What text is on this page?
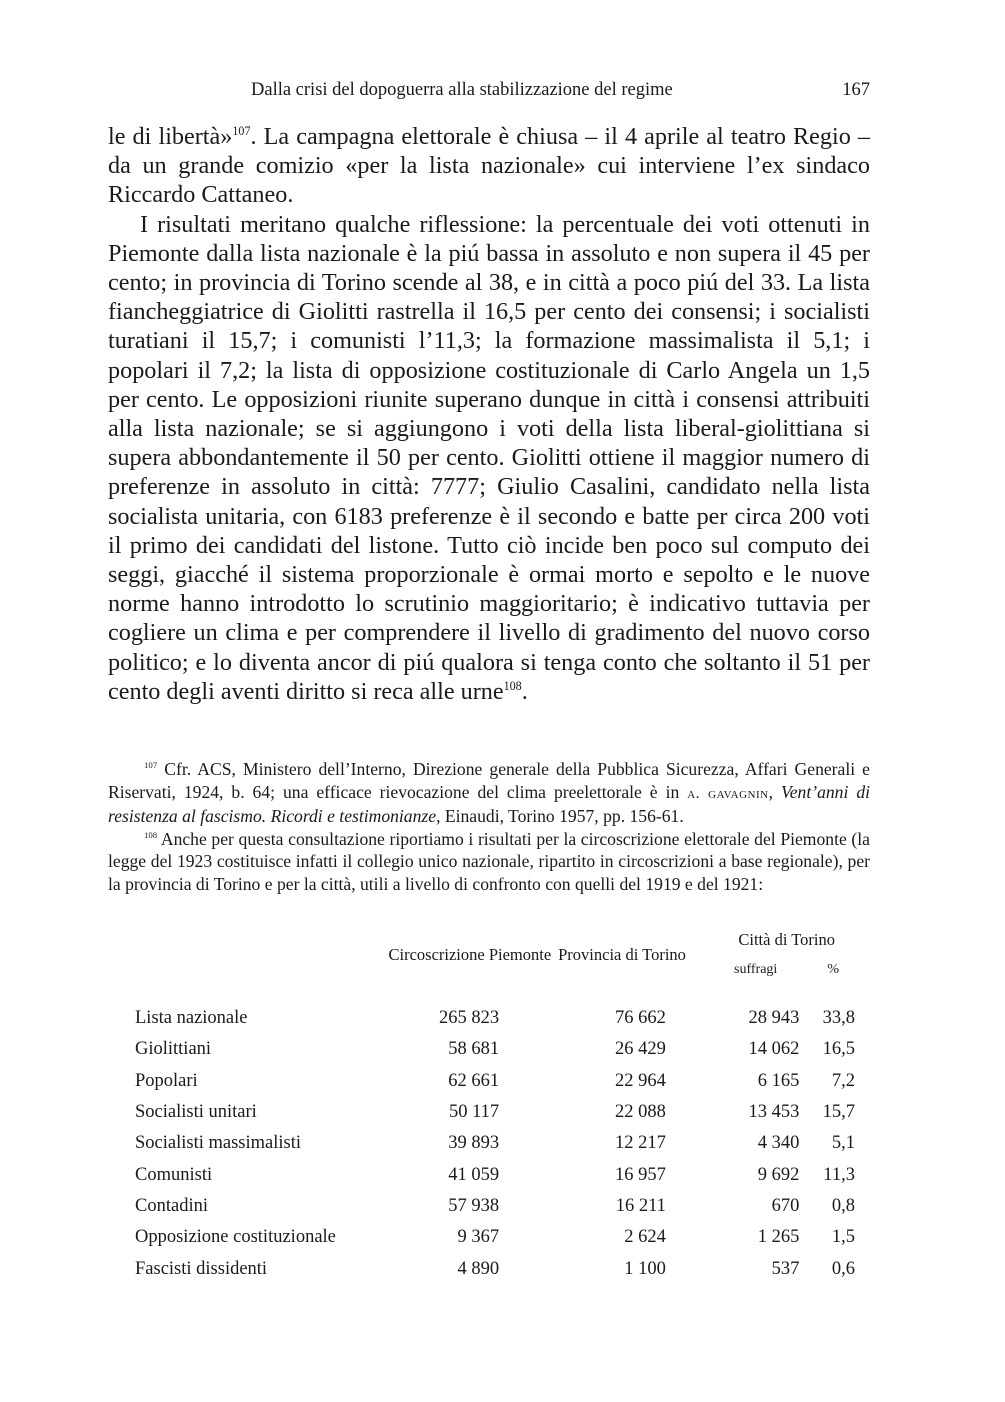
Dalla crisi del dopoguerra alla stabilizzazione del regime	167

le di libertà»$^{107}$. La campagna elettorale è chiusa – il 4 aprile al teatro Regio – da un grande comizio «per la lista nazionale» cui interviene l’ex sindaco Riccardo Cattaneo.

I risultati meritano qualche riflessione: la percentuale dei voti ottenuti in Piemonte dalla lista nazionale è la piú bassa in assoluto e non supera il 45 per cento; in provincia di Torino scende al 38, e in città a poco piú del 33. La lista fiancheggiatrice di Giolitti rastrella il 16,5 per cento dei consensi; i socialisti turatiani il 15,7; i comunisti l’11,3; la formazione massimalista il 5,1; i popolari il 7,2; la lista di opposizione costituzionale di Carlo Angela un 1,5 per cento. Le opposizioni riunite superano dunque in città i consensi attribuiti alla lista nazionale; se si aggiungono i voti della lista liberal-giolittiana si supera abbondantemente il 50 per cento. Giolitti ottiene il maggior numero di preferenze in assoluto in città: 7777; Giulio Casalini, candidato nella lista socialista unitaria, con 6183 preferenze è il secondo e batte per circa 200 voti il primo dei candidati del listone. Tutto ciò incide ben poco sul computo dei seggi, giacché il sistema proporzionale è ormai morto e sepolto e le nuove norme hanno introdotto lo scrutinio maggioritario; è indicativo tuttavia per cogliere un clima e per comprendere il livello di gradimento del nuovo corso politico; e lo diventa ancor di piú qualora si tenga conto che soltanto il 51 per cento degli aventi diritto si reca alle urne$^{108}$.

$^{107}$ Cfr. ACS, Ministero dell’Interno, Direzione generale della Pubblica Sicurezza, Affari Generali e Riservati, 1924, b. 64; una efficace rievocazione del clima preelettorale è in a. gavagnin, Vent’anni di resistenza al fascismo. Ricordi e testimonianze, Einaudi, Torino 1957, pp. 156-61.

$^{108}$ Anche per questa consultazione riportiamo i risultati per la circoscrizione elettorale del Piemonte (la legge del 1923 costituisce infatti il collegio unico nazionale, ripartito in circoscrizioni a base regionale), per la provincia di Torino e per la città, utili a livello di confronto con quelli del 1919 e del 1921:

	Circoscrizione Piemonte	Provincia di Torino	Città di Torino	
			suffragi	%

Lista nazionale	265 823	76 662	28 943	33,8
Giolittiani	58 681	26 429	14 062	16,5
Popolari	62 661	22 964	6 165	7,2
Socialisti unitari	50 117	22 088	13 453	15,7
Socialisti massimalisti	39 893	12 217	4 340	5,1
Comunisti	41 059	16 957	9 692	11,3
Contadini	57 938	16 211	670	0,8
Opposizione costituzionale	9 367	2 624	1 265	1,5
Fascisti dissidenti	4 890	1 100	537	0,6
